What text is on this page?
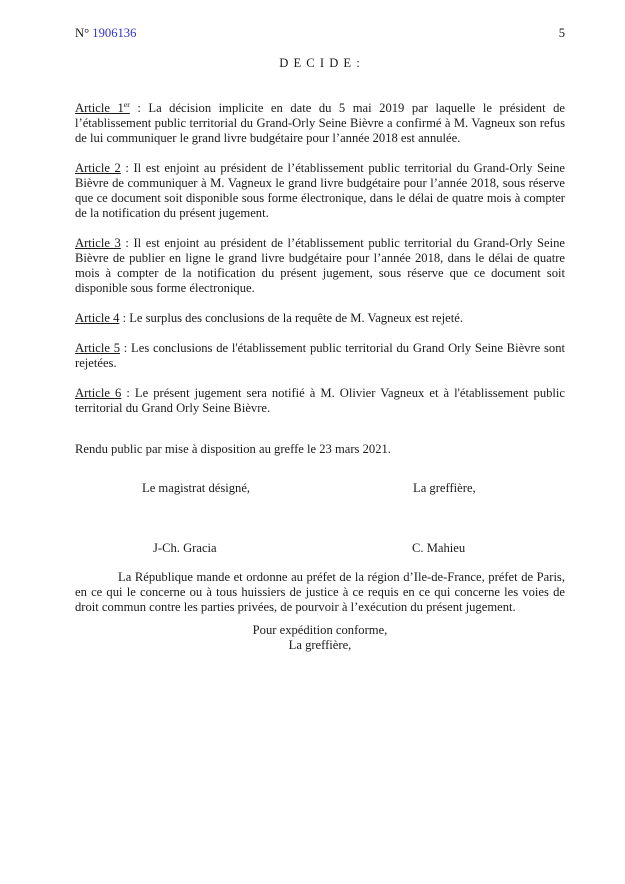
N° 1906136	5
D E C I D E :

Article 1er : La décision implicite en date du 5 mai 2019 par laquelle le président de l’établissement public territorial du Grand-Orly Seine Bièvre a confirmé à M. Vagneux son refus de lui communiquer le grand livre budgétaire pour l’année 2018 est annulée.

Article 2 : Il est enjoint au président de l’établissement public territorial du Grand-Orly Seine Bièvre de communiquer à M. Vagneux le grand livre budgétaire pour l’année 2018, sous réserve que ce document soit disponible sous forme électronique, dans le délai de quatre mois à compter de la notification du présent jugement.

Article 3 : Il est enjoint au président de l’établissement public territorial du Grand-Orly Seine Bièvre de publier en ligne le grand livre budgétaire pour l’année 2018, dans le délai de quatre mois à compter de la notification du présent jugement, sous réserve que ce document soit disponible sous forme électronique.

Article 4 : Le surplus des conclusions de la requête de M. Vagneux est rejeté.

Article 5 : Les conclusions de l'établissement public territorial du Grand Orly Seine Bièvre sont rejetées.

Article 6 : Le présent jugement sera notifié à M. Olivier Vagneux et à l'établissement public territorial du Grand Orly Seine Bièvre.

Rendu public par mise à disposition au greffe le 23 mars 2021.

Le magistrat désigné,	La greffière,
J-Ch. Gracia	C. Mahieu

La République mande et ordonne au préfet de la région d’Ile-de-France, préfet de Paris, en ce qui le concerne ou à tous huissiers de justice à ce requis en ce qui concerne les voies de droit commun contre les parties privées, de pourvoir à l’exécution du présent jugement.

Pour expédition conforme,
La greffière,
